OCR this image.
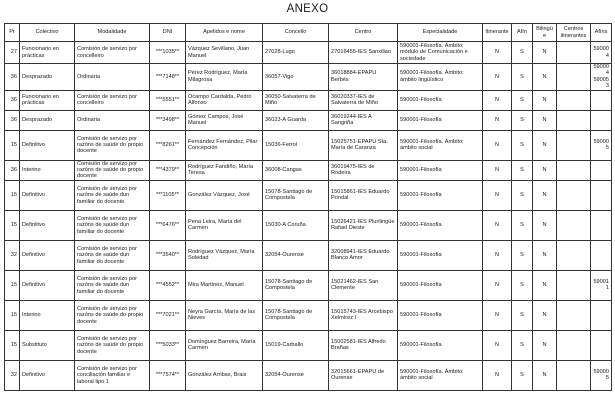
ANEXO
Pr	Colectivo	Modalidade	DNI	Apelidos e nome	Concello	Centro	Especialidade	Itinerante	Afín	Bilingüe	Centros itinerantes	Afíns
27	Funcionario en prácticas	Comisión de servizo por concelleiro	***1035**	Vázquez Sevillano, Juan Manuel	27028-Lugo	27016455-IES Sanxillao	590001-Filosofía. Ámbito: módulo de Comunicación e sociedade	N	S	N		590004
36	Desprazado	Ordinaria	***7148**	Pérez Rodríguez, María Milagrosa	36057-Vigo	36018884-EPAPU Berbés	590001-Filosofía. Ámbito: ámbito lingüístico	N	S	N		590004 590053
36	Funcionario en prácticas	Comisión de servizo por concelleiro	***5551**	Ocampo Cardalda, Pedro Alfonso	36050-Salvaterra de Miño	36020337-IES de Salvaterra de Miño	590001-Filosofía	N	S	N		
36	Desprazado	Ordinaria	***3498**	Gómez Campos, José Manuel	36023-A Guarda	36019244-IES A Sangriña	590001-Filosofía	N	S	N		
15	Definitivo	Comisión de servizo por razóns de saúde do propio docente	***8261**	Fernández Fernández, Pilar Concepción	15036-Ferrol	15025751-EPAPU Sta. María de Caranza	590001-Filosofía. Ámbito: ámbito social	N	S	N		590005
36	Interino	Comisión de servizo por razóns de saúde do propio docente	***4379**	Rodríguez Fandiño, María Teresa	36008-Cangas	36019475-IES de Rodeira	590001-Filosofía	N	S	N		
15	Definitivo	Comisión de servizo por razóns de saúde dun familiar do docente	***1105**	González Vázquez, José	15078-Santiago de Compostela	15015861-IES Eduardo Pondal	590001-Filosofía	N	S	N		
15	Definitivo	Comisión de servizo por razóns de saúde dun familiar do docente	***6476**	Pena Leira, María del Carmen	15030-A Coruña	15026421-IES Plurilingüe Rafael Dieste	590001-Filosofía	N	S	N		
32	Definitivo	Comisión de servizo por razóns de saúde dun familiar do docente	***3540**	Rodríguez Vázquez, María Soledad	32054-Ourense	32008941-IES Eduardo Blanco Amor	590001-Filosofía	N	S	N		
15	Definitivo	Comisión de servizo por razóns de saúde dun familiar do docente	***4552**	Mira Martínez, Manuel	15078-Santiago de Compostela	15021462-IES San Clemente	590001-Filosofía	N	S	N		590011
15	Interino	Comisión de servizo por razóns de saúde do propio docente	***7021**	Neyra García, María de las Nieves	15078-Santiago de Compostela	15015743-IES Arcebispo Xelmírez I	590001-Filosofía	N	S	N		
15	Substituto	Comisión de servizo por razóns de saúde do propio docente	***5033**	Domínguez Barreira, María Carmen	15019-Carballo	15002581-IES Alfredo Brañas	590001-Filosofía	N	S	N		
32	Definitivo	Comisión de servizo por conciliación familiar e laboral tipo 1	***7574**	González Arribas, Brais	32054-Ourense	32015661-EPAPU de Ourense	590001-Filosofía. Ámbito: ámbito social	N	S	N		590005
